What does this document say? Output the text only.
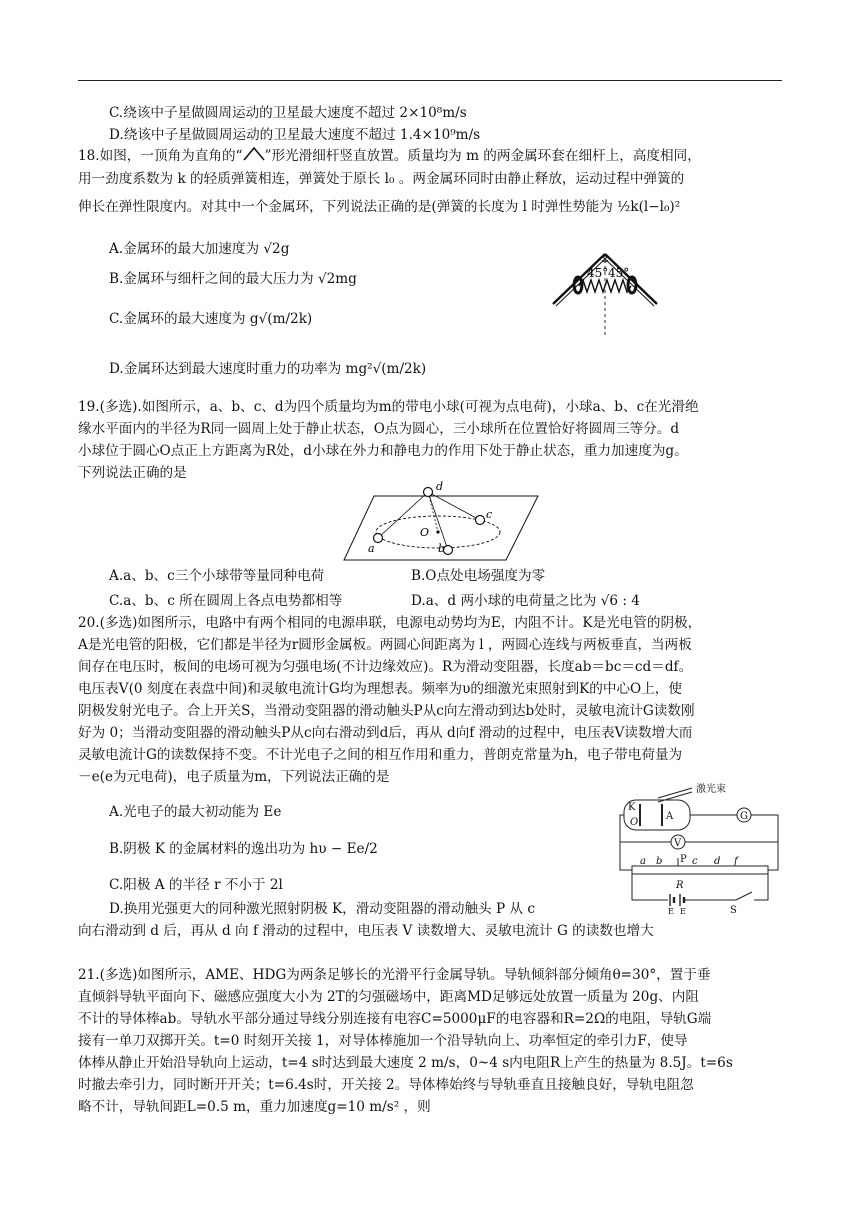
C.绕该中子星做圆周运动的卫星最大速度不超过 2×10⁸m/s
D.绕该中子星做圆周运动的卫星最大速度不超过 1.4×10⁹m/s
18.如图，一顶角为直角的“ ”形光滑细杆竖直放置。质量均为 m 的两金属环套在细杆上，高度相同，
用一劲度系数为 k 的轻质弹簧相连，弹簧处于原长 l₀ 。两金属环同时由静止释放，运动过程中弹簧的
伸长在弹性限度内。对其中一个金属环，下列说法正确的是(弹簧的长度为 l 时弹性势能为 ½k(l−l₀)²
A.金属环的最大加速度为 √2g
B.金属环与细杆之间的最大压力为 √2mg
C.金属环的最大速度为 g√(m/2k)
D.金属环达到最大速度时重力的功率为 mg²√(m/2k)
45° 45°
19.(多选).如图所示，a、b、c、d为四个质量均为m的带电小球(可视为点电荷)，小球a、b、c在光滑绝
缘水平面内的半径为R同一圆周上处于静止状态，O点为圆心，三小球所在位置恰好将圆周三等分。d
小球位于圆心O点正上方距离为R处，d小球在外力和静电力的作用下处于静止状态，重力加速度为g。
下列说法正确的是
d
c
O
a	b
A.a、b、c三个小球带等量同种电荷	B.O点处电场强度为零
C.a、b、c 所在圆周上各点电势都相等	D.a、d 两小球的电荷量之比为 √6 : 4
20.(多选)如图所示，电路中有两个相同的电源串联，电源电动势均为E，内阻不计。K是光电管的阴极，
A是光电管的阳极，它们都是半径为r圆形金属板。两圆心间距离为 l ，两圆心连线与两板垂直，当两板
间存在电压时，板间的电场可视为匀强电场(不计边缘效应)。R为滑动变阻器，长度ab＝bc＝cd＝df。
电压表V(0 刻度在表盘中间)和灵敏电流计G均为理想表。频率为υ的细激光束照射到K的中心O上，使
阴极发射光电子。合上开关S，当滑动变阻器的滑动触头P从c向左滑动到达b处时，灵敏电流计G读数刚
好为 0；当滑动变阻器的滑动触头P从c向右滑动到d后，再从 d向f 滑动的过程中，电压表V读数增大而
灵敏电流计G的读数保持不变。不计光电子之间的相互作用和重力，普朗克常量为h，电子带电荷量为
－e(e为元电荷)，电子质量为m，下列说法正确的是
A.光电子的最大初动能为 Ee
B.阴极 K 的金属材料的逸出功为 hυ − Ee/2
C.阳极 A 的半径 r 不小于 2l
D.换用光强更大的同种激光照射阴极 K，滑动变阻器的滑动触头 P 从 c
向右滑动到 d 后，再从 d 向 f 滑动的过程中，电压表 V 读数增大、灵敏电流计 G 的读数也增大
激光束
K
O
A	G
V
a b P c d f
R
E E	S
21.(多选)如图所示，AME、HDG为两条足够长的光滑平行金属导轨。导轨倾斜部分倾角θ=30°，置于垂
直倾斜导轨平面向下、磁感应强度大小为 2T的匀强磁场中，距离MD足够远处放置一质量为 20g、内阻
不计的导体棒ab。导轨水平部分通过导线分别连接有电容C=5000μF的电容器和R=2Ω的电阻，导轨G端
接有一单刀双掷开关。t=0 时刻开关接 1，对导体棒施加一个沿导轨向上、功率恒定的牵引力F，使导
体棒从静止开始沿导轨向上运动，t=4 s时达到最大速度 2 m/s，0~4 s内电阻R上产生的热量为 8.5J。t=6s
时撤去牵引力，同时断开开关；t=6.4s时，开关接 2。导体棒始终与导轨垂直且接触良好，导轨电阻忽
略不计，导轨间距L=0.5 m，重力加速度g=10 m/s² ，则
